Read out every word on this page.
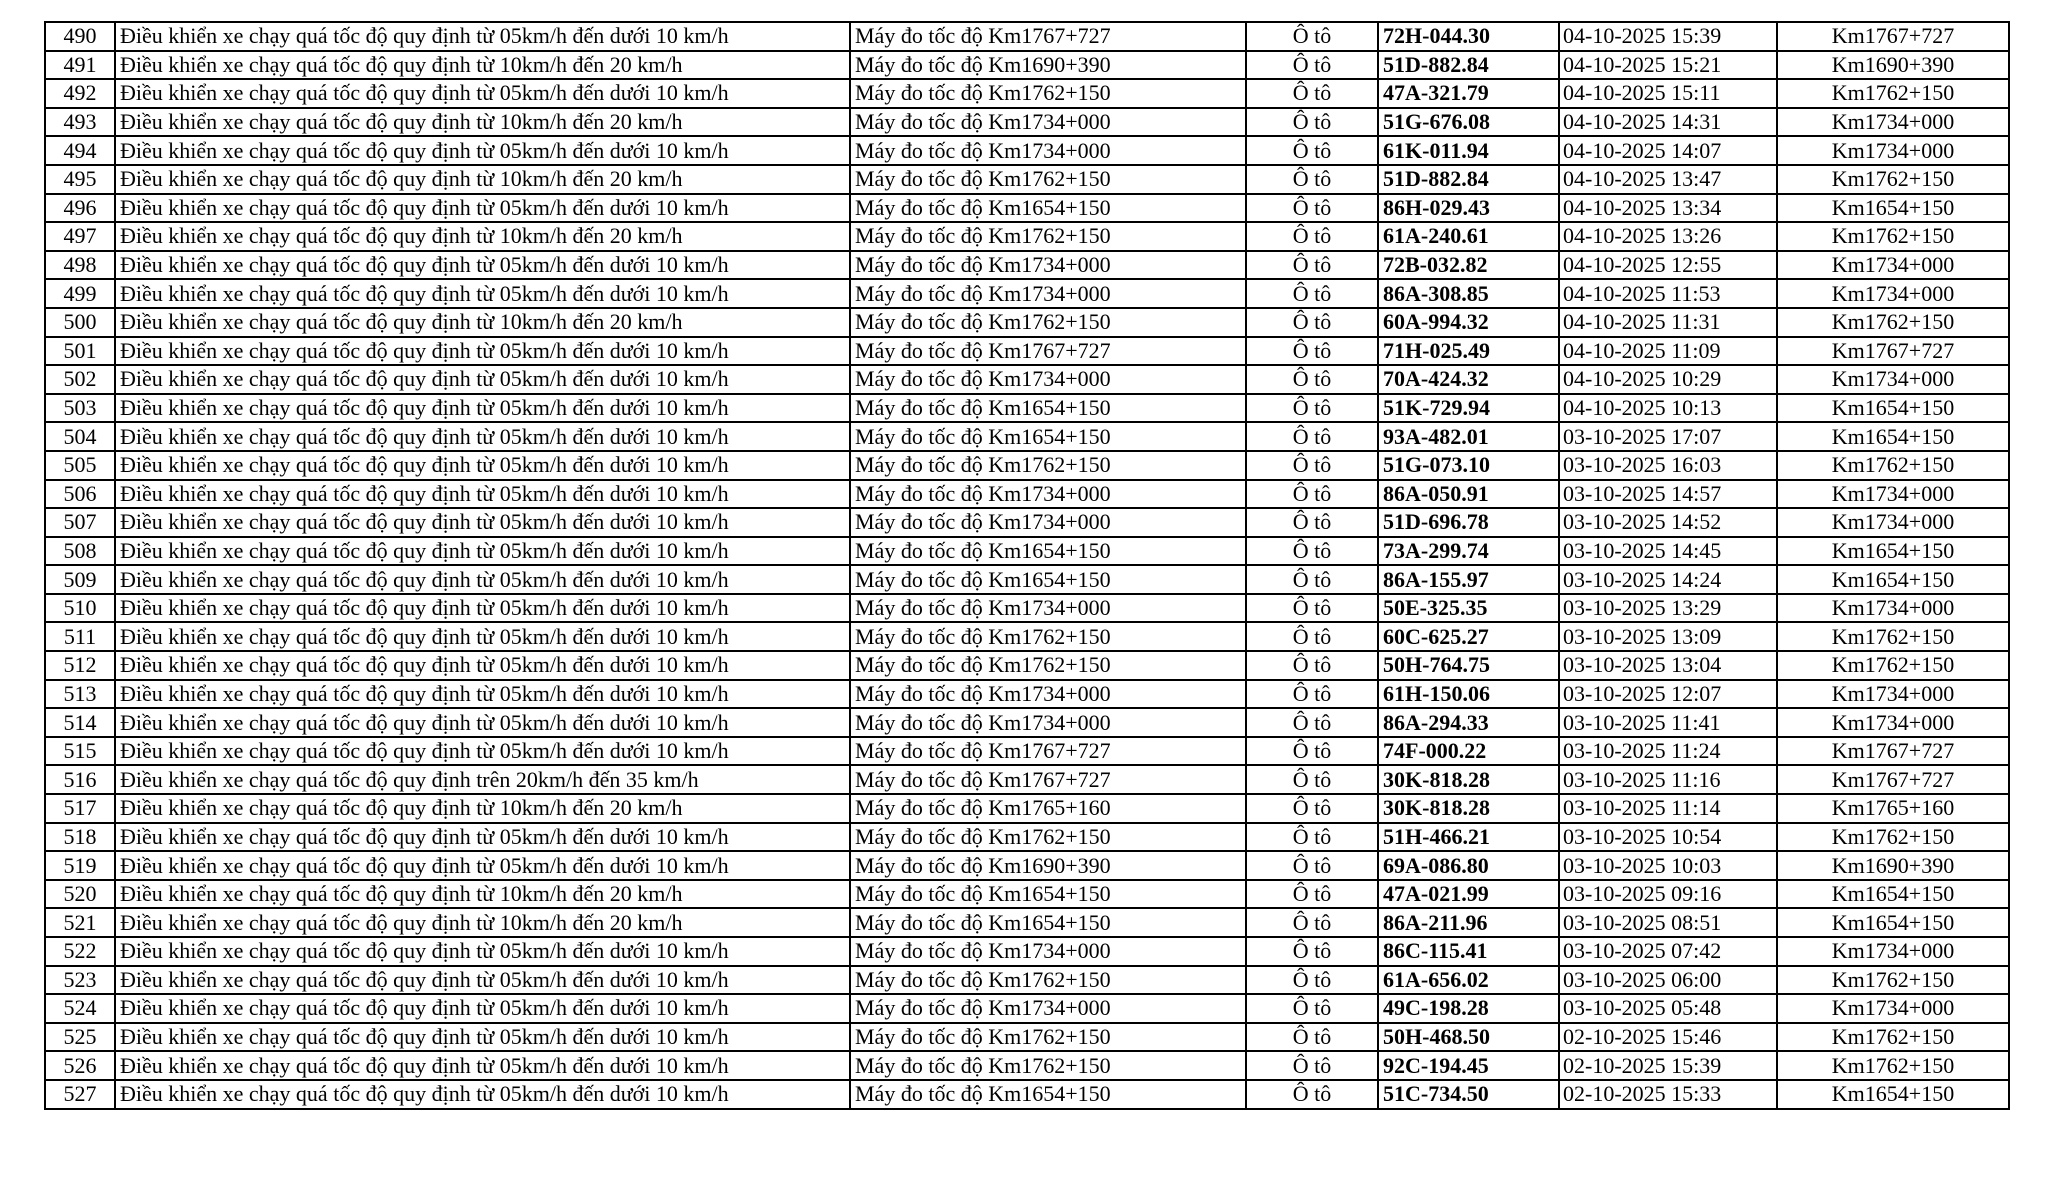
490	Điều khiển xe chạy quá tốc độ quy định từ 05km/h đến dưới 10 km/h	Máy đo tốc độ Km1767+727	Ô tô	72H-044.30	04-10-2025 15:39	Km1767+727
491	Điều khiển xe chạy quá tốc độ quy định từ 10km/h đến 20 km/h	Máy đo tốc độ Km1690+390	Ô tô	51D-882.84	04-10-2025 15:21	Km1690+390
492	Điều khiển xe chạy quá tốc độ quy định từ 05km/h đến dưới 10 km/h	Máy đo tốc độ Km1762+150	Ô tô	47A-321.79	04-10-2025 15:11	Km1762+150
493	Điều khiển xe chạy quá tốc độ quy định từ 10km/h đến 20 km/h	Máy đo tốc độ Km1734+000	Ô tô	51G-676.08	04-10-2025 14:31	Km1734+000
494	Điều khiển xe chạy quá tốc độ quy định từ 05km/h đến dưới 10 km/h	Máy đo tốc độ Km1734+000	Ô tô	61K-011.94	04-10-2025 14:07	Km1734+000
495	Điều khiển xe chạy quá tốc độ quy định từ 10km/h đến 20 km/h	Máy đo tốc độ Km1762+150	Ô tô	51D-882.84	04-10-2025 13:47	Km1762+150
496	Điều khiển xe chạy quá tốc độ quy định từ 05km/h đến dưới 10 km/h	Máy đo tốc độ Km1654+150	Ô tô	86H-029.43	04-10-2025 13:34	Km1654+150
497	Điều khiển xe chạy quá tốc độ quy định từ 10km/h đến 20 km/h	Máy đo tốc độ Km1762+150	Ô tô	61A-240.61	04-10-2025 13:26	Km1762+150
498	Điều khiển xe chạy quá tốc độ quy định từ 05km/h đến dưới 10 km/h	Máy đo tốc độ Km1734+000	Ô tô	72B-032.82	04-10-2025 12:55	Km1734+000
499	Điều khiển xe chạy quá tốc độ quy định từ 05km/h đến dưới 10 km/h	Máy đo tốc độ Km1734+000	Ô tô	86A-308.85	04-10-2025 11:53	Km1734+000
500	Điều khiển xe chạy quá tốc độ quy định từ 10km/h đến 20 km/h	Máy đo tốc độ Km1762+150	Ô tô	60A-994.32	04-10-2025 11:31	Km1762+150
501	Điều khiển xe chạy quá tốc độ quy định từ 05km/h đến dưới 10 km/h	Máy đo tốc độ Km1767+727	Ô tô	71H-025.49	04-10-2025 11:09	Km1767+727
502	Điều khiển xe chạy quá tốc độ quy định từ 05km/h đến dưới 10 km/h	Máy đo tốc độ Km1734+000	Ô tô	70A-424.32	04-10-2025 10:29	Km1734+000
503	Điều khiển xe chạy quá tốc độ quy định từ 05km/h đến dưới 10 km/h	Máy đo tốc độ Km1654+150	Ô tô	51K-729.94	04-10-2025 10:13	Km1654+150
504	Điều khiển xe chạy quá tốc độ quy định từ 05km/h đến dưới 10 km/h	Máy đo tốc độ Km1654+150	Ô tô	93A-482.01	03-10-2025 17:07	Km1654+150
505	Điều khiển xe chạy quá tốc độ quy định từ 05km/h đến dưới 10 km/h	Máy đo tốc độ Km1762+150	Ô tô	51G-073.10	03-10-2025 16:03	Km1762+150
506	Điều khiển xe chạy quá tốc độ quy định từ 05km/h đến dưới 10 km/h	Máy đo tốc độ Km1734+000	Ô tô	86A-050.91	03-10-2025 14:57	Km1734+000
507	Điều khiển xe chạy quá tốc độ quy định từ 05km/h đến dưới 10 km/h	Máy đo tốc độ Km1734+000	Ô tô	51D-696.78	03-10-2025 14:52	Km1734+000
508	Điều khiển xe chạy quá tốc độ quy định từ 05km/h đến dưới 10 km/h	Máy đo tốc độ Km1654+150	Ô tô	73A-299.74	03-10-2025 14:45	Km1654+150
509	Điều khiển xe chạy quá tốc độ quy định từ 05km/h đến dưới 10 km/h	Máy đo tốc độ Km1654+150	Ô tô	86A-155.97	03-10-2025 14:24	Km1654+150
510	Điều khiển xe chạy quá tốc độ quy định từ 05km/h đến dưới 10 km/h	Máy đo tốc độ Km1734+000	Ô tô	50E-325.35	03-10-2025 13:29	Km1734+000
511	Điều khiển xe chạy quá tốc độ quy định từ 05km/h đến dưới 10 km/h	Máy đo tốc độ Km1762+150	Ô tô	60C-625.27	03-10-2025 13:09	Km1762+150
512	Điều khiển xe chạy quá tốc độ quy định từ 05km/h đến dưới 10 km/h	Máy đo tốc độ Km1762+150	Ô tô	50H-764.75	03-10-2025 13:04	Km1762+150
513	Điều khiển xe chạy quá tốc độ quy định từ 05km/h đến dưới 10 km/h	Máy đo tốc độ Km1734+000	Ô tô	61H-150.06	03-10-2025 12:07	Km1734+000
514	Điều khiển xe chạy quá tốc độ quy định từ 05km/h đến dưới 10 km/h	Máy đo tốc độ Km1734+000	Ô tô	86A-294.33	03-10-2025 11:41	Km1734+000
515	Điều khiển xe chạy quá tốc độ quy định từ 05km/h đến dưới 10 km/h	Máy đo tốc độ Km1767+727	Ô tô	74F-000.22	03-10-2025 11:24	Km1767+727
516	Điều khiển xe chạy quá tốc độ quy định trên 20km/h đến 35 km/h	Máy đo tốc độ Km1767+727	Ô tô	30K-818.28	03-10-2025 11:16	Km1767+727
517	Điều khiển xe chạy quá tốc độ quy định từ 10km/h đến 20 km/h	Máy đo tốc độ Km1765+160	Ô tô	30K-818.28	03-10-2025 11:14	Km1765+160
518	Điều khiển xe chạy quá tốc độ quy định từ 05km/h đến dưới 10 km/h	Máy đo tốc độ Km1762+150	Ô tô	51H-466.21	03-10-2025 10:54	Km1762+150
519	Điều khiển xe chạy quá tốc độ quy định từ 05km/h đến dưới 10 km/h	Máy đo tốc độ Km1690+390	Ô tô	69A-086.80	03-10-2025 10:03	Km1690+390
520	Điều khiển xe chạy quá tốc độ quy định từ 10km/h đến 20 km/h	Máy đo tốc độ Km1654+150	Ô tô	47A-021.99	03-10-2025 09:16	Km1654+150
521	Điều khiển xe chạy quá tốc độ quy định từ 10km/h đến 20 km/h	Máy đo tốc độ Km1654+150	Ô tô	86A-211.96	03-10-2025 08:51	Km1654+150
522	Điều khiển xe chạy quá tốc độ quy định từ 05km/h đến dưới 10 km/h	Máy đo tốc độ Km1734+000	Ô tô	86C-115.41	03-10-2025 07:42	Km1734+000
523	Điều khiển xe chạy quá tốc độ quy định từ 05km/h đến dưới 10 km/h	Máy đo tốc độ Km1762+150	Ô tô	61A-656.02	03-10-2025 06:00	Km1762+150
524	Điều khiển xe chạy quá tốc độ quy định từ 05km/h đến dưới 10 km/h	Máy đo tốc độ Km1734+000	Ô tô	49C-198.28	03-10-2025 05:48	Km1734+000
525	Điều khiển xe chạy quá tốc độ quy định từ 05km/h đến dưới 10 km/h	Máy đo tốc độ Km1762+150	Ô tô	50H-468.50	02-10-2025 15:46	Km1762+150
526	Điều khiển xe chạy quá tốc độ quy định từ 05km/h đến dưới 10 km/h	Máy đo tốc độ Km1762+150	Ô tô	92C-194.45	02-10-2025 15:39	Km1762+150
527	Điều khiển xe chạy quá tốc độ quy định từ 05km/h đến dưới 10 km/h	Máy đo tốc độ Km1654+150	Ô tô	51C-734.50	02-10-2025 15:33	Km1654+150
